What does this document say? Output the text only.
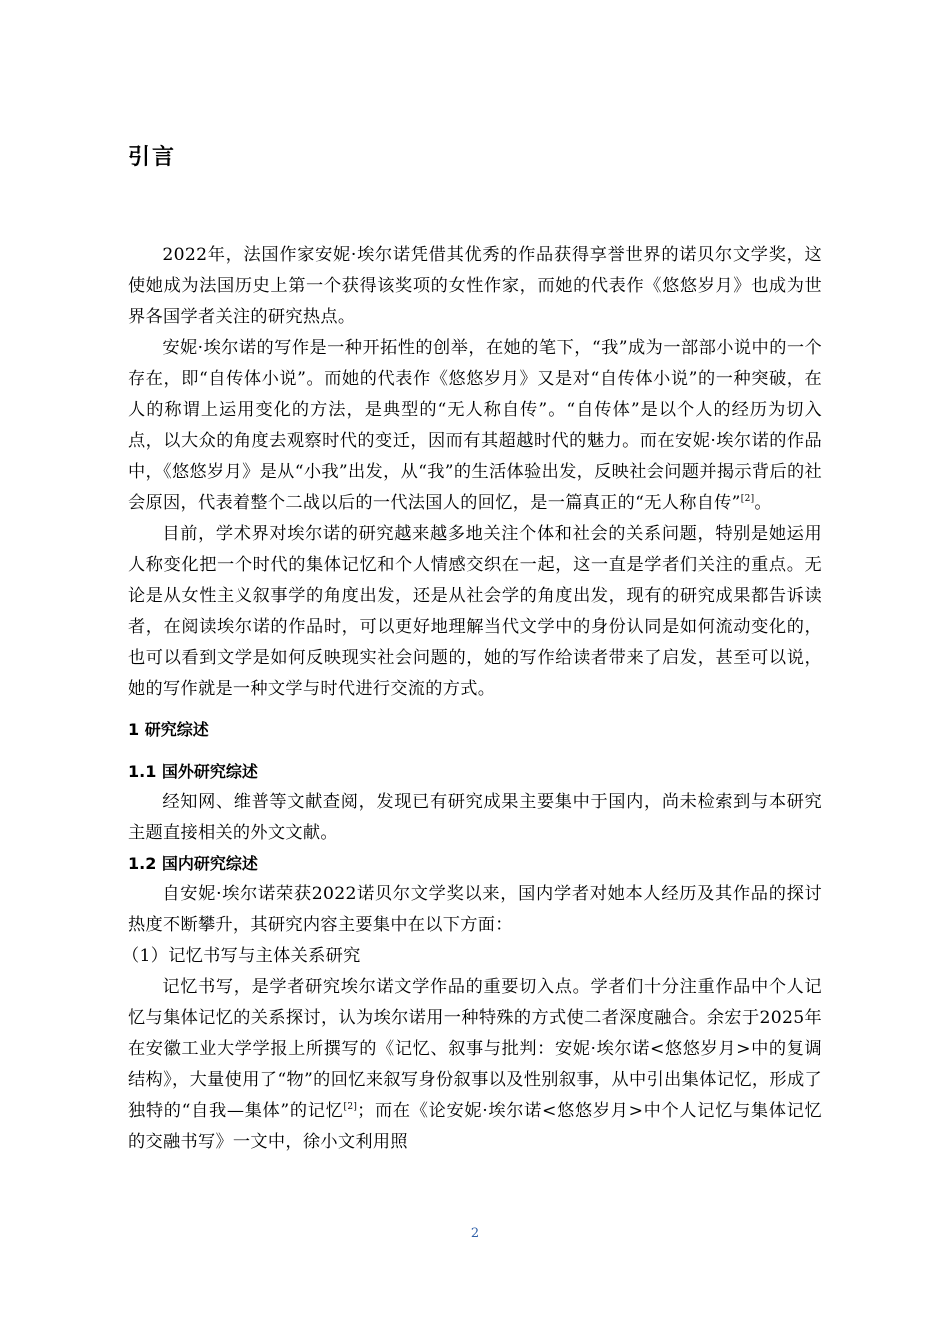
引言

2022年，法国作家安妮·埃尔诺凭借其优秀的作品获得享誉世界的诺贝尔文学奖，这使她成为法国历史上第一个获得该奖项的女性作家，而她的代表作《悠悠岁月》也成为世界各国学者关注的研究热点。

安妮·埃尔诺的写作是一种开拓性的创举，在她的笔下，“我”成为一部部小说中的一个存在，即“自传体小说”。而她的代表作《悠悠岁月》又是对“自传体小说”的一种突破，在人的称谓上运用变化的方法，是典型的“无人称自传”。“自传体”是以个人的经历为切入点，以大众的角度去观察时代的变迁，因而有其超越时代的魅力。而在安妮·埃尔诺的作品中，《悠悠岁月》是从“小我”出发，从“我”的生活体验出发，反映社会问题并揭示背后的社会原因，代表着整个二战以后的一代法国人的回忆，是一篇真正的“无人称自传”[2]。

目前，学术界对埃尔诺的研究越来越多地关注个体和社会的关系问题，特别是她运用人称变化把一个时代的集体记忆和个人情感交织在一起，这一直是学者们关注的重点。无论是从女性主义叙事学的角度出发，还是从社会学的角度出发，现有的研究成果都告诉读者，在阅读埃尔诺的作品时，可以更好地理解当代文学中的身份认同是如何流动变化的，也可以看到文学是如何反映现实社会问题的，她的写作给读者带来了启发，甚至可以说，她的写作就是一种文学与时代进行交流的方式。

1 研究综述
1.1 国外研究综述

经知网、维普等文献查阅，发现已有研究成果主要集中于国内，尚未检索到与本研究主题直接相关的外文文献。

1.2 国内研究综述

自安妮·埃尔诺荣获2022诺贝尔文学奖以来，国内学者对她本人经历及其作品的探讨热度不断攀升，其研究内容主要集中在以下方面：

（1）记忆书写与主体关系研究

记忆书写，是学者研究埃尔诺文学作品的重要切入点。学者们十分注重作品中个人记忆与集体记忆的关系探讨，认为埃尔诺用一种特殊的方式使二者深度融合。余宏于2025年在安徽工业大学学报上所撰写的《记忆、叙事与批判：安妮·埃尔诺<悠悠岁月>中的复调结构》，大量使用了“物”的回忆来叙写身份叙事以及性别叙事，从中引出集体记忆，形成了独特的“自我—集体”的记忆[2]；而在《论安妮·埃尔诺<悠悠岁月>中个人记忆与集体记忆的交融书写》一文中，徐小文利用照

2
